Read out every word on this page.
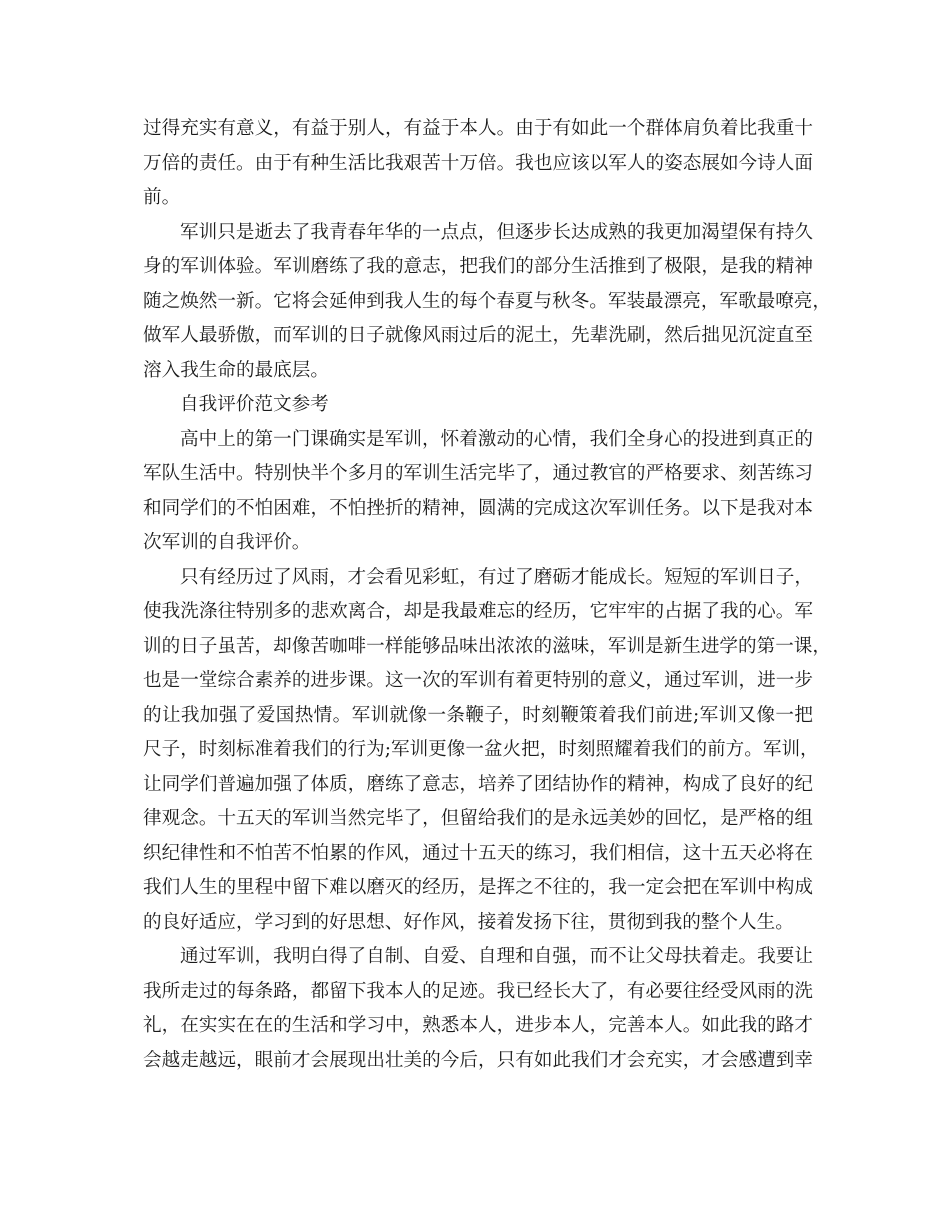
过得充实有意义，有益于别人，有益于本人。由于有如此一个群体肩负着比我重十
万倍的责任。由于有种生活比我艰苦十万倍。我也应该以军人的姿态展如今诗人面
前。
军训只是逝去了我青春年华的一点点，但逐步长达成熟的我更加渴望保有持久
身的军训体验。军训磨练了我的意志，把我们的部分生活推到了极限，是我的精神
随之焕然一新。它将会延伸到我人生的每个春夏与秋冬。军装最漂亮，军歌最嘹亮，
做军人最骄傲，而军训的日子就像风雨过后的泥土，先辈洗刷，然后拙见沉淀直至
溶入我生命的最底层。
自我评价范文参考
高中上的第一门课确实是军训，怀着激动的心情，我们全身心的投进到真正的
军队生活中。特别快半个多月的军训生活完毕了，通过教官的严格要求、刻苦练习
和同学们的不怕困难，不怕挫折的精神，圆满的完成这次军训任务。以下是我对本
次军训的自我评价。
只有经历过了风雨，才会看见彩虹，有过了磨砺才能成长。短短的军训日子，
使我洗涤往特别多的悲欢离合，却是我最难忘的经历，它牢牢的占据了我的心。军
训的日子虽苦，却像苦咖啡一样能够品味出浓浓的滋味，军训是新生进学的第一课，
也是一堂综合素养的进步课。这一次的军训有着更特别的意义，通过军训，进一步
的让我加强了爱国热情。军训就像一条鞭子，时刻鞭策着我们前进;军训又像一把
尺子，时刻标准着我们的行为;军训更像一盆火把，时刻照耀着我们的前方。军训，
让同学们普遍加强了体质，磨练了意志，培养了团结协作的精神，构成了良好的纪
律观念。十五天的军训当然完毕了，但留给我们的是永远美妙的回忆，是严格的组
织纪律性和不怕苦不怕累的作风，通过十五天的练习，我们相信，这十五天必将在
我们人生的里程中留下难以磨灭的经历，是挥之不往的，我一定会把在军训中构成
的良好适应，学习到的好思想、好作风，接着发扬下往，贯彻到我的整个人生。
通过军训，我明白得了自制、自爱、自理和自强，而不让父母扶着走。我要让
我所走过的每条路，都留下我本人的足迹。我已经长大了，有必要往经受风雨的洗
礼，在实实在在的生活和学习中，熟悉本人，进步本人，完善本人。如此我的路才
会越走越远，眼前才会展现出壮美的今后，只有如此我们才会充实，才会感遭到幸
